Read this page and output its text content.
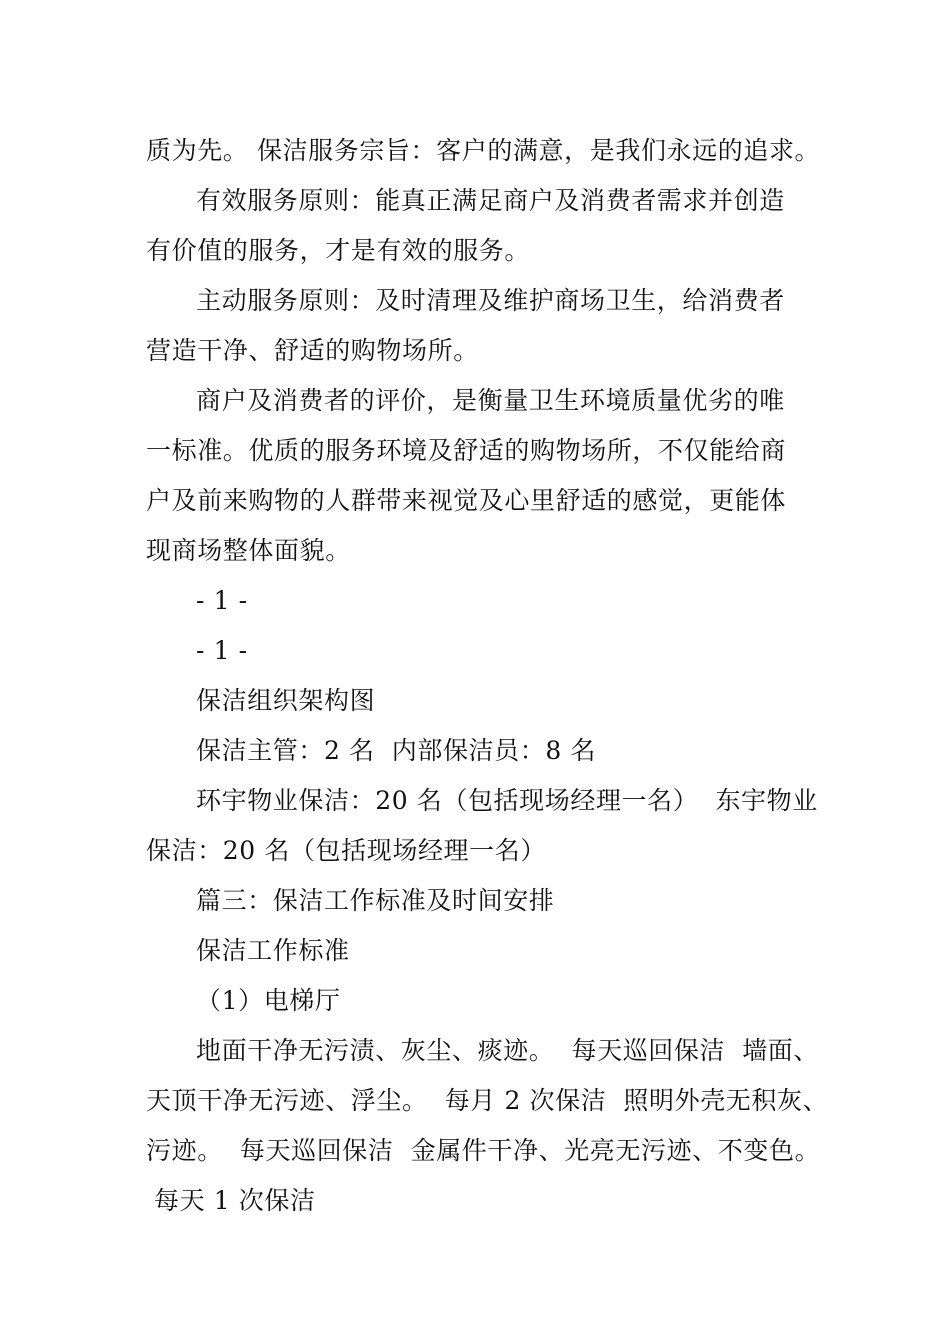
质为先。 保洁服务宗旨：客户的满意，是我们永远的追求。
有效服务原则：能真正满足商户及消费者需求并创造
有价值的服务，才是有效的服务。
主动服务原则：及时清理及维护商场卫生，给消费者
营造干净、舒适的购物场所。
商户及消费者的评价，是衡量卫生环境质量优劣的唯
一标准。优质的服务环境及舒适的购物场所，不仅能给商
户及前来购物的人群带来视觉及心里舒适的感觉，更能体
现商场整体面貌。
- 1 -
- 1 -
保洁组织架构图
保洁主管：2 名  内部保洁员：8 名
环宇物业保洁：20 名（包括现场经理一名）  东宇物业
保洁：20 名（包括现场经理一名）
篇三：保洁工作标准及时间安排
保洁工作标准
（1）电梯厅
地面干净无污渍、灰尘、痰迹。  每天巡回保洁  墙面、
天顶干净无污迹、浮尘。  每月 2 次保洁  照明外壳无积灰、
污迹。  每天巡回保洁  金属件干净、光亮无污迹、不变色。
每天 1 次保洁
